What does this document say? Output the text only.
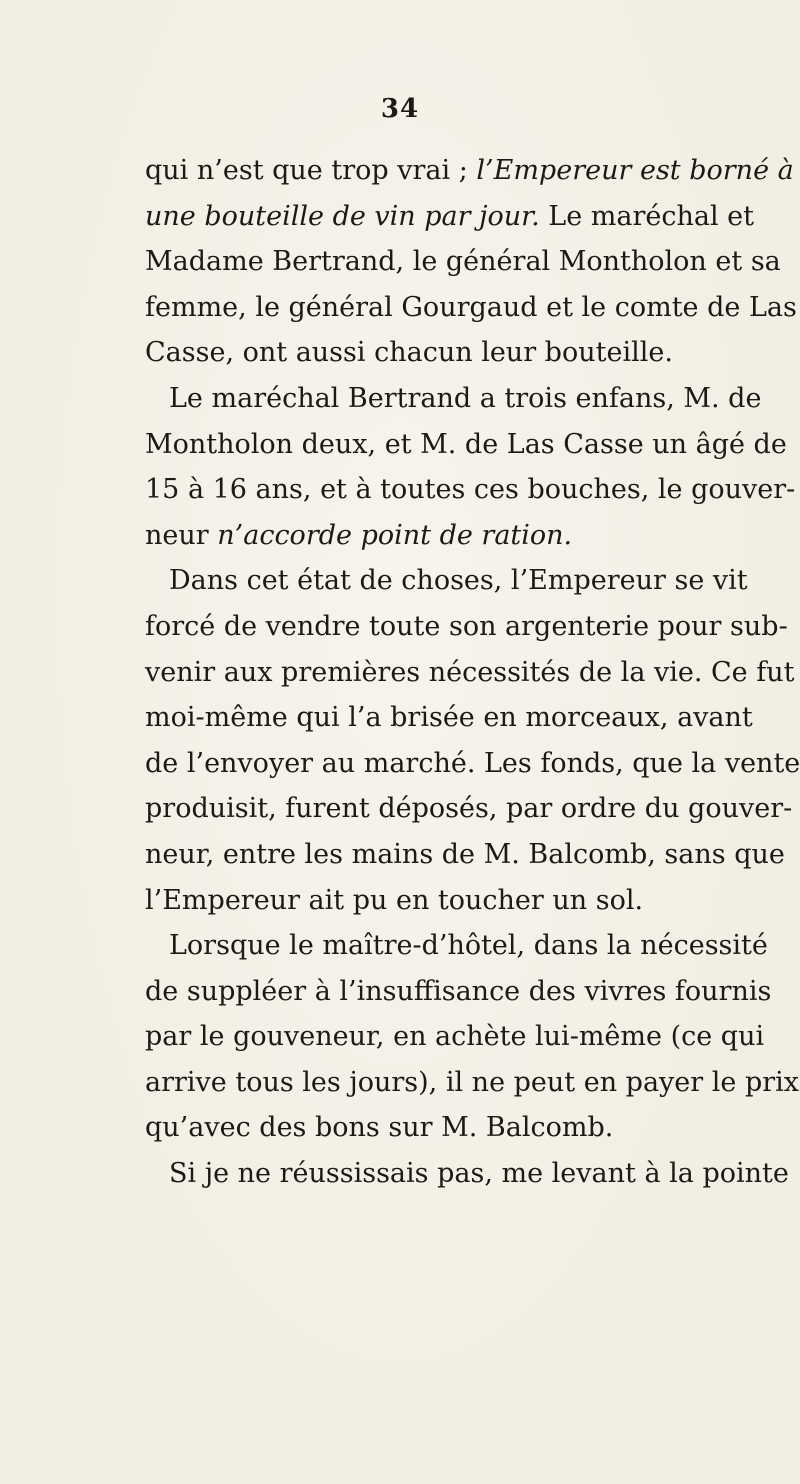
34
qui n’est que trop vrai ; l’Empereur est borné à
une bouteille de vin par jour. Le maréchal et
Madame Bertrand, le général Montholon et sa
femme, le général Gourgaud et le comte de Las
Casse, ont aussi chacun leur bouteille.
Le maréchal Bertrand a trois enfans, M. de
Montholon deux, et M. de Las Casse un âgé de
15 à 16 ans, et à toutes ces bouches, le gouver-
neur n’accorde point de ration.
Dans cet état de choses, l’Empereur se vit
forcé de vendre toute son argenterie pour sub-
venir aux premières nécessités de la vie. Ce fut
moi-même qui l’a brisée en morceaux, avant
de l’envoyer au marché. Les fonds, que la vente
produisit, furent déposés, par ordre du gouver-
neur, entre les mains de M. Balcomb, sans que
l’Empereur ait pu en toucher un sol.
Lorsque le maître-d’hôtel, dans la nécessité
de suppléer à l’insuffisance des vivres fournis
par le gouveneur, en achète lui-même (ce qui
arrive tous les jours), il ne peut en payer le prix
qu’avec des bons sur M. Balcomb.
Si je ne réussissais pas, me levant à la pointe
